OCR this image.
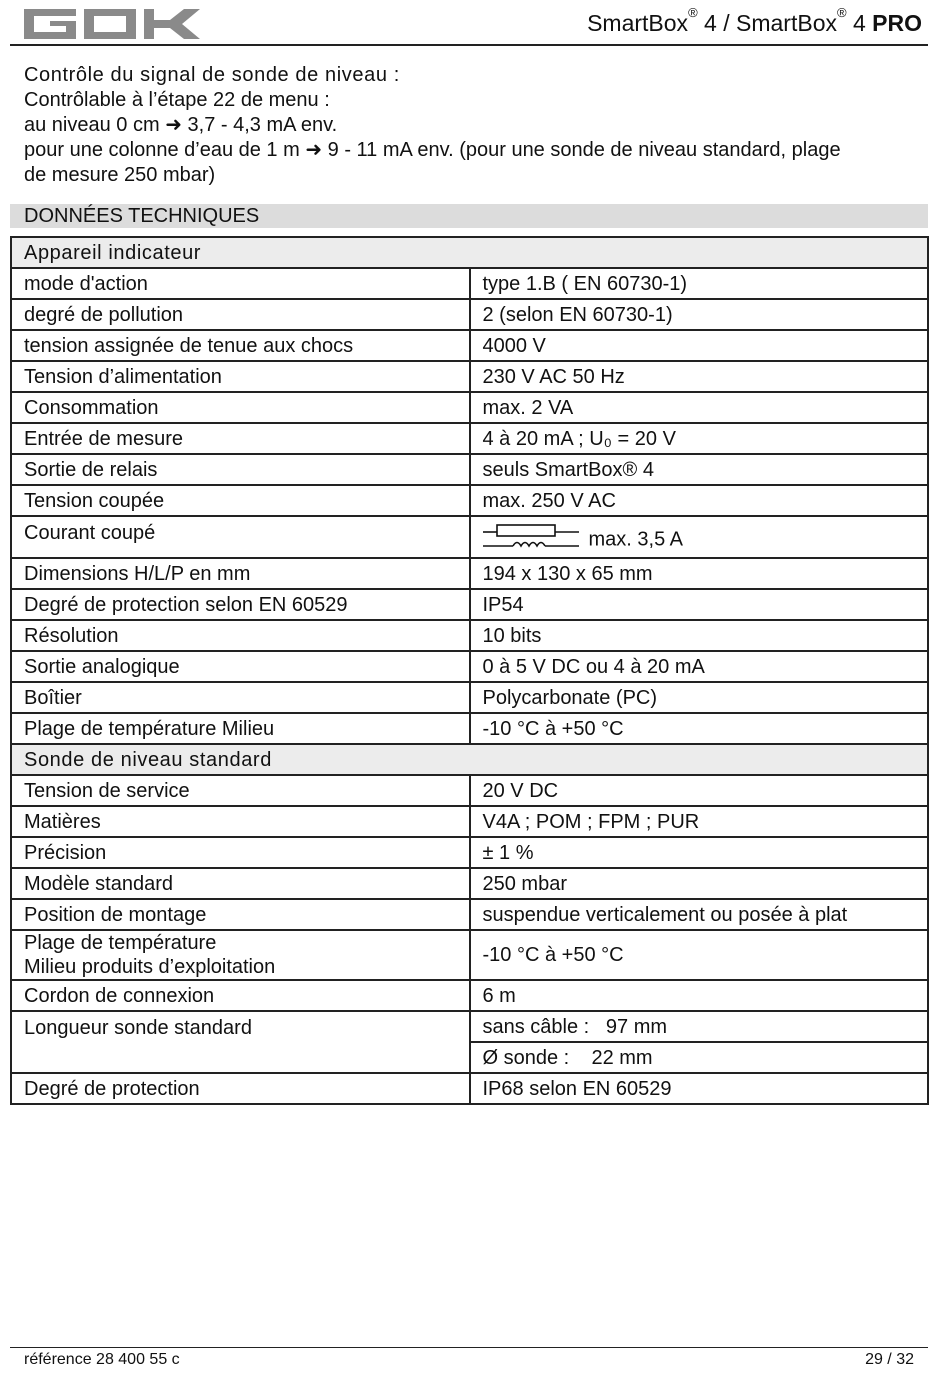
SmartBox® 4 / SmartBox® 4 PRO
Contrôle du signal de sonde de niveau :
Contrôlable à l’étape 22 de menu :
au niveau 0 cm ➜ 3,7 - 4,3 mA env.
pour une colonne d’eau de 1 m ➜ 9 - 11 mA env. (pour une sonde de niveau standard, plage
de mesure 250 mbar)
DONNÉES TECHNIQUES
Appareil indicateur	
mode d'action	type 1.B ( EN 60730-1)
degré de pollution	2 (selon EN 60730-1)
tension assignée de tenue aux chocs	4000 V
Tension d’alimentation	230 V AC 50 Hz
Consommation	max. 2 VA
Entrée de mesure	4 à 20 mA ; U₀ = 20 V
Sortie de relais	seuls SmartBox® 4
Tension coupée	max. 250 V AC
Courant coupé	max. 3,5 A
Dimensions H/L/P en mm	194 x 130 x 65 mm
Degré de protection selon EN 60529	IP54
Résolution	10 bits
Sortie analogique	0 à 5 V DC ou 4 à 20 mA
Boîtier	Polycarbonate (PC)
Plage de température Milieu	-10 °C à +50 °C
Sonde de niveau standard	
Tension de service	20 V DC
Matières	V4A ; POM ; FPM ; PUR
Précision	± 1 %
Modèle standard	250 mbar
Position de montage	suspendue verticalement ou posée à plat

Plage de température
Milieu produits d’exploitation	-10 °C à +50 °C
Cordon de connexion	6 m
Longueur sonde standard	sans câble :   97 mm
	Ø sonde :    22 mm
Degré de protection	IP68 selon EN 60529
référence 28 400 55 c	29 / 32
